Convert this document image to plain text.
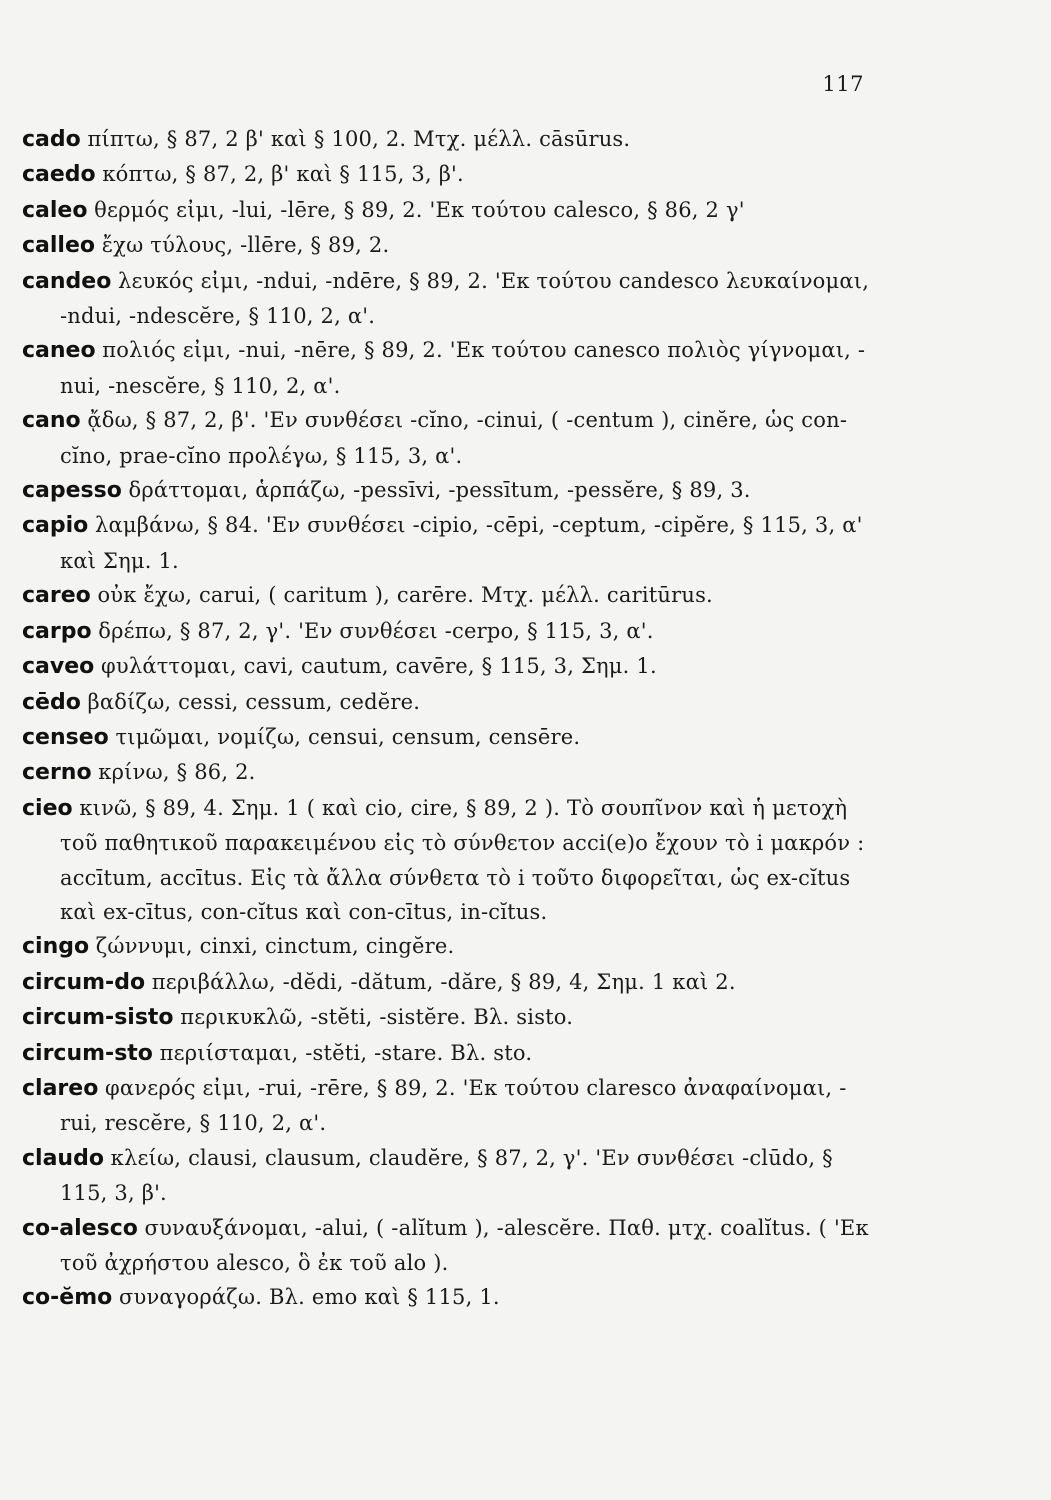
117
cado πίπτω, § 87, 2 β' καὶ § 100, 2. Μτχ. μέλλ. cāsūrus.
caedo κόπτω, § 87, 2, β' καὶ § 115, 3, β'.
caleo θερμός εἰμι, -lui, -lēre, § 89, 2. 'Εκ τούτου calesco, § 86, 2 γ'
calleo ἔχω τύλους, -llēre, § 89, 2.
candeo λευκός εἰμι, -ndui, -ndēre, § 89, 2. 'Εκ τούτου candesco λευκαίνομαι, -ndui, -ndescĕre, § 110, 2, α'.
caneo πολιός εἰμι, -nui, -nēre, § 89, 2. 'Εκ τούτου canesco πολιὸς γίγνομαι, -nui, -nescĕre, § 110, 2, α'.
cano ᾄδω, § 87, 2, β'. 'Εν συνθέσει -cĭno, -cinui, ( -centum ), cinĕre, ὡς con-cĭno, prae-cĭno προλέγω, § 115, 3, α'.
capesso δράττομαι, ἁρπάζω, -pessīvi, -pessītum, -pessĕre, § 89, 3.
capio λαμβάνω, § 84. 'Εν συνθέσει -cipio, -cēpi, -ceptum, -cipĕre, § 115, 3, α' καὶ Σημ. 1.
careo οὐκ ἔχω, carui, ( caritum ), carēre. Μτχ. μέλλ. caritūrus.
carpo δρέπω, § 87, 2, γ'. 'Εν συνθέσει -cerpo, § 115, 3, α'.
caveo φυλάττομαι, cavi, cautum, cavēre, § 115, 3, Σημ. 1.
cēdo βαδίζω, cessi, cessum, cedĕre.
censeo τιμῶμαι, νομίζω, censui, censum, censēre.
cerno κρίνω, § 86, 2.
cieo κινῶ, § 89, 4. Σημ. 1 ( καὶ cio, cire, § 89, 2 ). Τὸ σουπῖνον καὶ ἡ μετοχὴ τοῦ παθητικοῦ παρακειμένου εἰς τὸ σύνθετον acci(e)o ἔχουν τὸ i μακρόν : accītum, accītus. Εἰς τὰ ἄλλα σύνθετα τὸ i τοῦτο διφορεῖται, ὡς ex-cĭtus καὶ ex-cītus, con-cĭtus καὶ con-cītus, in-cĭtus.
cingo ζώννυμι, cinxi, cinctum, cingĕre.
circum-do περιβάλλω, -dĕdi, -dătum, -dăre, § 89, 4, Σημ. 1 καὶ 2.
circum-sisto περικυκλῶ, -stĕti, -sistĕre. Βλ. sisto.
circum-sto περιίσταμαι, -stĕti, -stare. Βλ. sto.
clareo φανερός εἰμι, -rui, -rēre, § 89, 2. 'Εκ τούτου claresco ἀναφαίνομαι, -rui, rescĕre, § 110, 2, α'.
claudo κλείω, clausi, clausum, claudĕre, § 87, 2, γ'. 'Εν συνθέσει -clūdo, § 115, 3, β'.
co-alesco συναυξάνομαι, -alui, ( -alĭtum ), -alescĕre. Παθ. μτχ. coalĭtus. ( 'Εκ τοῦ ἀχρήστου alesco, ὃ ἐκ τοῦ alo ).
co-ĕmo συναγοράζω. Βλ. emo καὶ § 115, 1.
